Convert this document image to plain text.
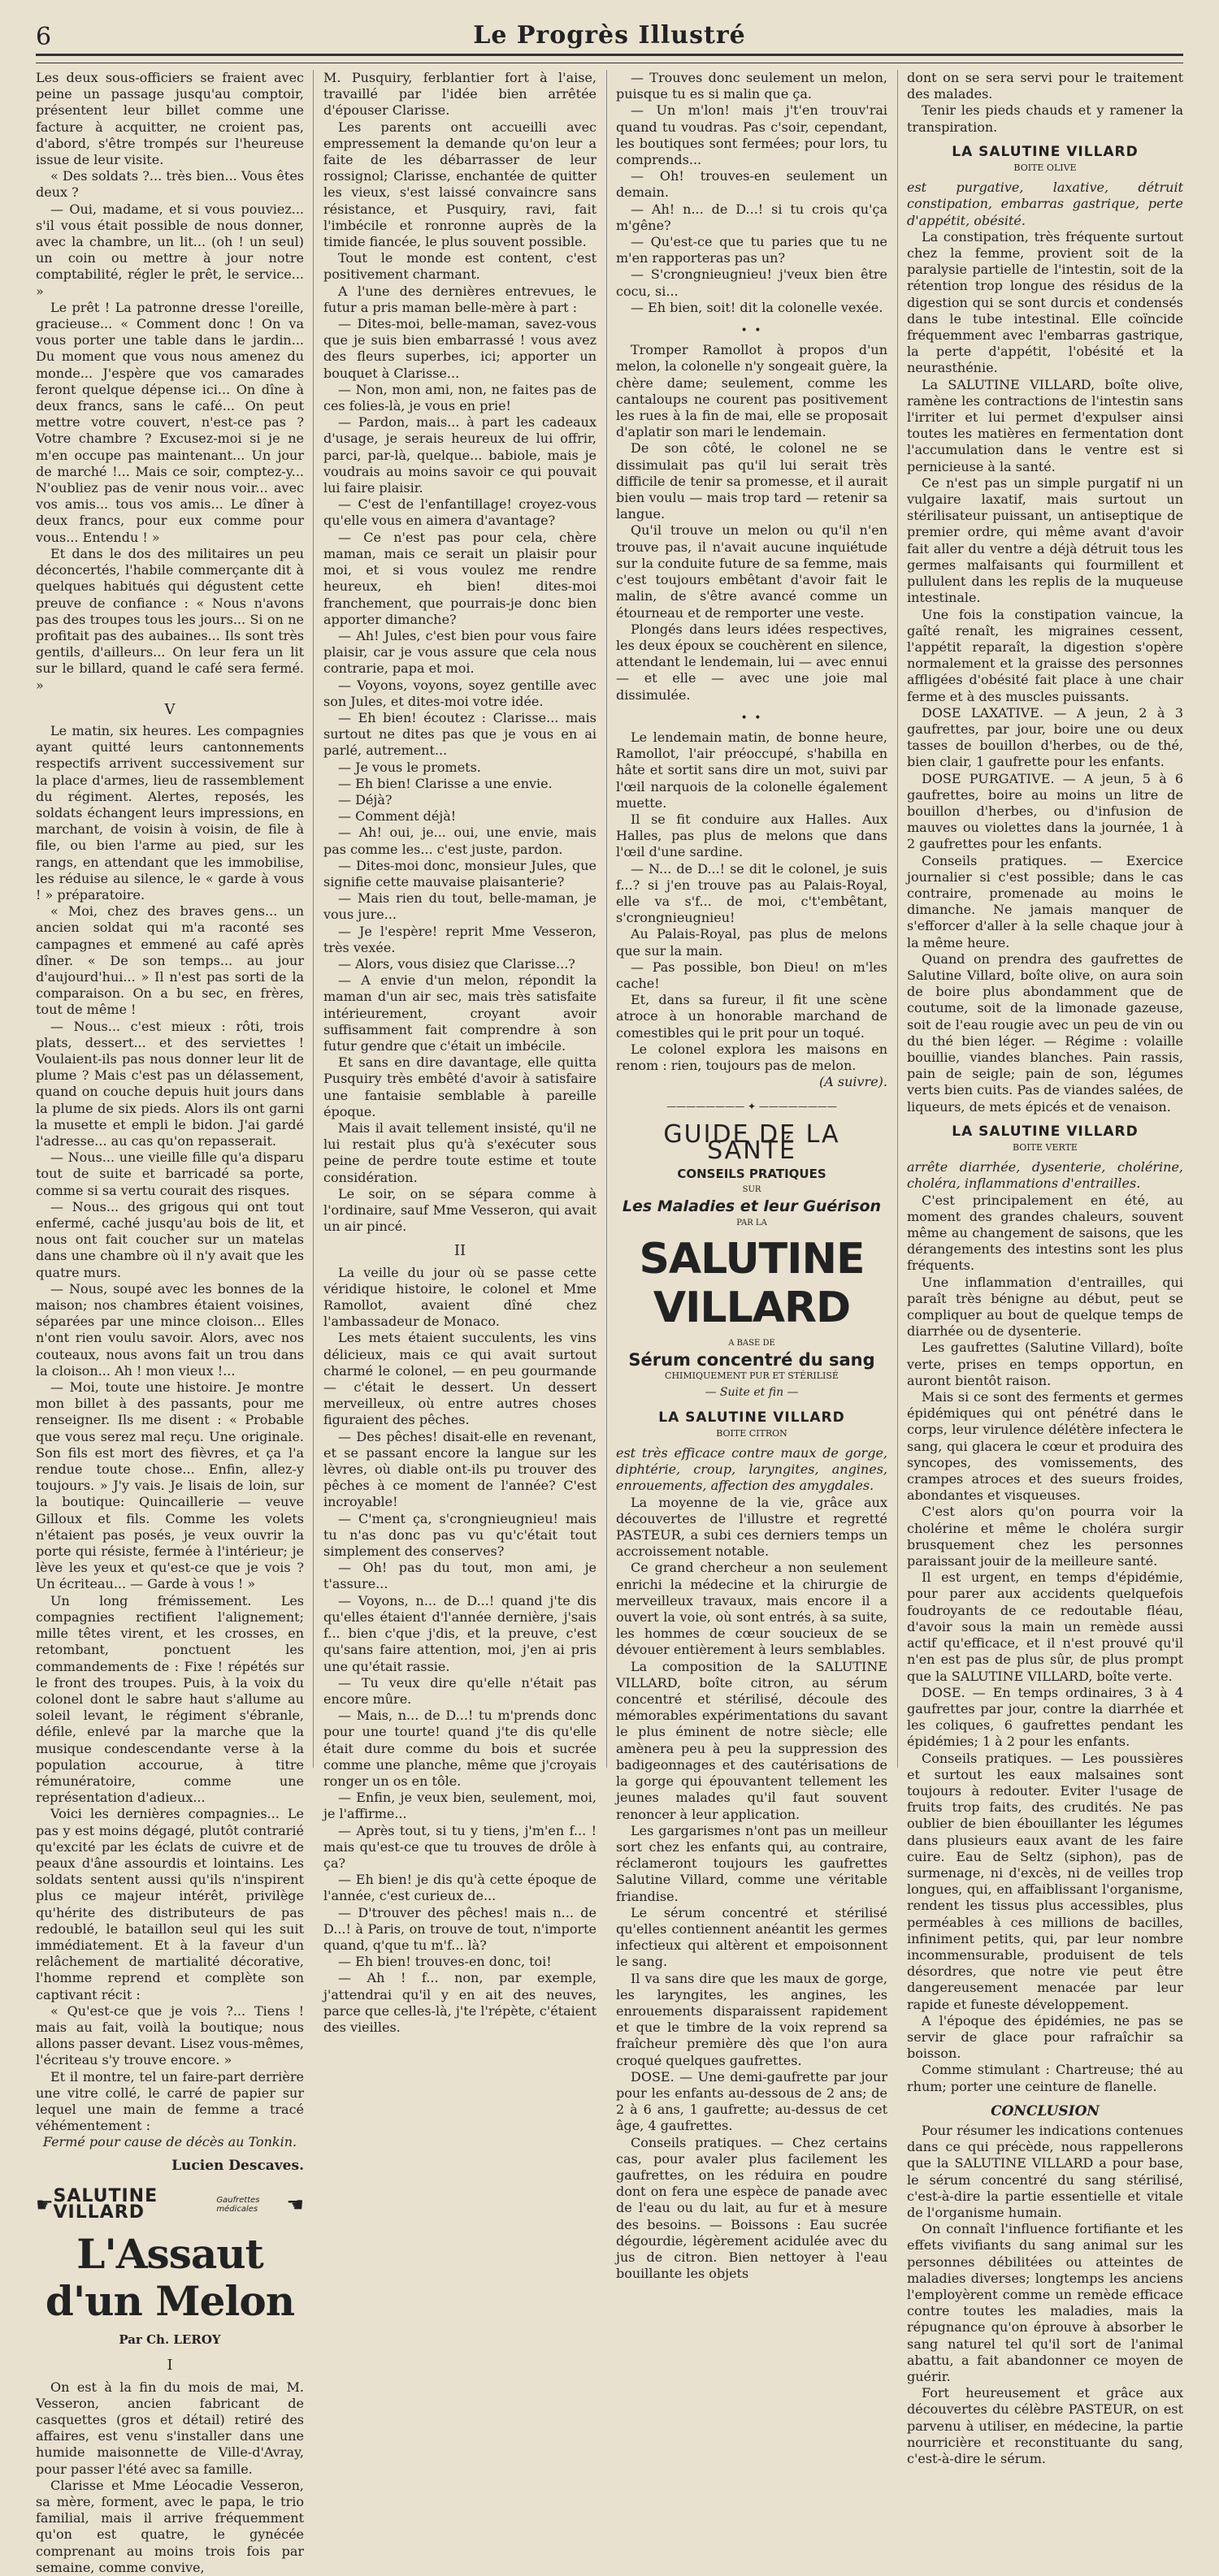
6	Le Progrès Illustré

Les deux sous-officiers se fraient avec peine un passage jusqu'au comptoir, présentent leur billet comme une facture à acquitter, ne croient pas, d'abord, s'être trompés sur l'heureuse issue de leur visite.

« Des soldats ?... très bien... Vous êtes deux ?

— Oui, madame, et si vous pouviez... s'il vous était possible de nous donner, avec la chambre, un lit... (oh ! un seul) un coin ou mettre à jour notre comptabilité, régler le prêt, le service... »

Le prêt ! La patronne dresse l'oreille, gracieuse... « Comment donc ! On va vous porter une table dans le jardin... Du moment que vous nous amenez du monde... J'espère que vos camarades feront quelque dépense ici... On dîne à deux francs, sans le café... On peut mettre votre couvert, n'est-ce pas ? Votre chambre ? Excusez-moi si je ne m'en occupe pas maintenant... Un jour de marché !... Mais ce soir, comptez-y... N'oubliez pas de venir nous voir... avec vos amis... tous vos amis... Le dîner à deux francs, pour eux comme pour vous... Entendu ! »

Et dans le dos des militaires un peu déconcertés, l'habile commerçante dit à quelques habitués qui dégustent cette preuve de confiance : « Nous n'avons pas des troupes tous les jours... Si on ne profitait pas des aubaines... Ils sont très gentils, d'ailleurs... On leur fera un lit sur le billard, quand le café sera fermé. »

V

Le matin, six heures. Les compagnies ayant quitté leurs cantonnements respectifs arrivent successivement sur la place d'armes, lieu de rassemblement du régiment. Alertes, reposés, les soldats échangent leurs impressions, en marchant, de voisin à voisin, de file à file, ou bien l'arme au pied, sur les rangs, en attendant que les immobilise, les réduise au silence, le « garde à vous ! » préparatoire.

« Moi, chez des braves gens... un ancien soldat qui m'a raconté ses campagnes et emmené au café après dîner. « De son temps... au jour d'aujourd'hui... » Il n'est pas sorti de la comparaison. On a bu sec, en frères, tout de même !

— Nous... c'est mieux : rôti, trois plats, dessert... et des serviettes ! Voulaient-ils pas nous donner leur lit de plume ? Mais c'est pas un délassement, quand on couche depuis huit jours dans la plume de six pieds. Alors ils ont garni la musette et empli le bidon. J'ai gardé l'adresse... au cas qu'on repasserait.

— Nous... une vieille fille qu'a disparu tout de suite et barricadé sa porte, comme si sa vertu courait des risques.

— Nous... des grigous qui ont tout enfermé, caché jusqu'au bois de lit, et nous ont fait coucher sur un matelas dans une chambre où il n'y avait que les quatre murs.

— Nous, soupé avec les bonnes de la maison; nos chambres étaient voisines, séparées par une mince cloison... Elles n'ont rien voulu savoir. Alors, avec nos couteaux, nous avons fait un trou dans la cloison... Ah ! mon vieux !...

— Moi, toute une histoire. Je montre mon billet à des passants, pour me renseigner. Ils me disent : « Probable que vous serez mal reçu. Une originale. Son fils est mort des fièvres, et ça l'a rendue toute chose... Enfin, allez-y toujours. » J'y vais. Je lisais de loin, sur la boutique: Quincaillerie — veuve Gilloux et fils. Comme les volets n'étaient pas posés, je veux ouvrir la porte qui résiste, fermée à l'intérieur; je lève les yeux et qu'est-ce que je vois ? Un écriteau... — Garde à vous ! »

Un long frémissement. Les compagnies rectifient l'alignement; mille têtes virent, et les crosses, en retombant, ponctuent les commandements de : Fixe ! répétés sur le front des troupes. Puis, à la voix du colonel dont le sabre haut s'allume au soleil levant, le régiment s'ébranle, défile, enlevé par la marche que la musique condescendante verse à la population accourue, à titre rémunératoire, comme une représentation d'adieux...

Voici les dernières compagnies... Le pas y est moins dégagé, plutôt contrarié qu'excité par les éclats de cuivre et de peaux d'âne assourdis et lointains. Les soldats sentent aussi qu'ils n'inspirent plus ce majeur intérêt, privilège qu'hérite des distributeurs de pas redoublé, le bataillon seul qui les suit immédiatement. Et à la faveur d'un relâchement de martialité décorative, l'homme reprend et complète son captivant récit :

« Qu'est-ce que je vois ?... Tiens ! mais au fait, voilà la boutique; nous allons passer devant. Lisez vous-mêmes, l'écriteau s'y trouve encore. »

Et il montre, tel un faire-part derrière une vitre collé, le carré de papier sur lequel une main de femme a tracé véhémentement :

Fermé pour cause de décès au Tonkin.

Lucien Descaves.
☛ SALUTINE VILLARD
Gaufrettes médicales	☚
L'Assaut d'un Melon
Par Ch. LEROY
I

On est à la fin du mois de mai, M. Vesseron, ancien fabricant de casquettes (gros et détail) retiré des affaires, est venu s'installer dans une humide maisonnette de Ville-d'Avray, pour passer l'été avec sa famille.

Clarisse et Mme Léocadie Vesseron, sa mère, forment, avec le papa, le trio familial, mais il arrive fréquemment qu'on est quatre, le gynécée comprenant au moins trois fois par semaine, comme convive,

M. Pusquiry, ferblantier fort à l'aise, travaillé par l'idée bien arrêtée d'épouser Clarisse.

Les parents ont accueilli avec empressement la demande qu'on leur a faite de les débarrasser de leur rossignol; Clarisse, enchantée de quitter les vieux, s'est laissé convaincre sans résistance, et Pusquiry, ravi, fait l'imbécile et ronronne auprès de la timide fiancée, le plus souvent possible.

Tout le monde est content, c'est positivement charmant.

A l'une des dernières entrevues, le futur a pris maman belle-mère à part :

— Dites-moi, belle-maman, savez-vous que je suis bien embarrassé ! vous avez des fleurs superbes, ici; apporter un bouquet à Clarisse...

— Non, mon ami, non, ne faites pas de ces folies-là, je vous en prie!

— Pardon, mais... à part les cadeaux d'usage, je serais heureux de lui offrir, parci, par-là, quelque... babiole, mais je voudrais au moins savoir ce qui pouvait lui faire plaisir.

— C'est de l'enfantillage! croyez-vous qu'elle vous en aimera d'avantage?

— Ce n'est pas pour cela, chère maman, mais ce serait un plaisir pour moi, et si vous voulez me rendre heureux, eh bien! dites-moi franchement, que pourrais-je donc bien apporter dimanche?

— Ah! Jules, c'est bien pour vous faire plaisir, car je vous assure que cela nous contrarie, papa et moi.

— Voyons, voyons, soyez gentille avec son Jules, et dites-moi votre idée.

— Eh bien! écoutez : Clarisse... mais surtout ne dites pas que je vous en ai parlé, autrement...

— Je vous le promets.

— Eh bien! Clarisse a une envie.

— Déjà?

— Comment déjà!

— Ah! oui, je... oui, une envie, mais pas comme les... c'est juste, pardon.

— Dites-moi donc, monsieur Jules, que signifie cette mauvaise plaisanterie?

— Mais rien du tout, belle-maman, je vous jure...

— Je l'espère! reprit Mme Vesseron, très vexée.

— Alors, vous disiez que Clarisse...?

— A envie d'un melon, répondit la maman d'un air sec, mais très satisfaite intérieurement, croyant avoir suffisamment fait comprendre à son futur gendre que c'était un imbécile.

Et sans en dire davantage, elle quitta Pusquiry très embêté d'avoir à satisfaire une fantaisie semblable à pareille époque.

Mais il avait tellement insisté, qu'il ne lui restait plus qu'à s'exécuter sous peine de perdre toute estime et toute considération.

Le soir, on se sépara comme à l'ordinaire, sauf Mme Vesseron, qui avait un air pincé.

II

La veille du jour où se passe cette véridique histoire, le colonel et Mme Ramollot, avaient dîné chez l'ambassadeur de Monaco.

Les mets étaient succulents, les vins délicieux, mais ce qui avait surtout charmé le colonel, — en peu gourmande — c'était le dessert. Un dessert merveilleux, où entre autres choses figuraient des pêches.

— Des pêches! disait-elle en revenant, et se passant encore la langue sur les lèvres, où diable ont-ils pu trouver des pêches à ce moment de l'année? C'est incroyable!

— C'ment ça, s'crongnieugnieu! mais tu n'as donc pas vu qu'c'était tout simplement des conserves?

— Oh! pas du tout, mon ami, je t'assure...

— Voyons, n... de D...! quand j'te dis qu'elles étaient d'l'année dernière, j'sais f... bien c'que j'dis, et la preuve, c'est qu'sans faire attention, moi, j'en ai pris une qu'était rassie.

— Tu veux dire qu'elle n'était pas encore mûre.

— Mais, n... de D...! tu m'prends donc pour une tourte! quand j'te dis qu'elle était dure comme du bois et sucrée comme une planche, même que j'croyais ronger un os en tôle.

— Enfin, je veux bien, seulement, moi, je l'affirme...

— Après tout, si tu y tiens, j'm'en f... ! mais qu'est-ce que tu trouves de drôle à ça?

— Eh bien! je dis qu'à cette époque de l'année, c'est curieux de...

— D'trouver des pêches! mais n... de D...! à Paris, on trouve de tout, n'importe quand, q'que tu m'f... là?

— Eh bien! trouves-en donc, toi!

— Ah ! f... non, par exemple, j'attendrai qu'il y en ait des neuves, parce que celles-là, j'te l'répète, c'étaient des vieilles.

— Trouves donc seulement un melon, puisque tu es si malin que ça.

— Un m'lon! mais j't'en trouv'rai quand tu voudras. Pas c'soir, cependant, les boutiques sont fermées; pour lors, tu comprends...

— Oh! trouves-en seulement un demain.

— Ah! n... de D...! si tu crois qu'ça m'gêne?

— Qu'est-ce que tu paries que tu ne m'en rapporteras pas un?

— S'crongnieugnieu! j'veux bien être cocu, si...

— Eh bien, soit! dit la colonelle vexée.

• •

Tromper Ramollot à propos d'un melon, la colonelle n'y songeait guère, la chère dame; seulement, comme les cantaloups ne courent pas positivement les rues à la fin de mai, elle se proposait d'aplatir son mari le lendemain.

De son côté, le colonel ne se dissimulait pas qu'il lui serait très difficile de tenir sa promesse, et il aurait bien voulu — mais trop tard — retenir sa langue.

Qu'il trouve un melon ou qu'il n'en trouve pas, il n'avait aucune inquiétude sur la conduite future de sa femme, mais c'est toujours embêtant d'avoir fait le malin, de s'être avancé comme un étourneau et de remporter une veste.

Plongés dans leurs idées respectives, les deux époux se couchèrent en silence, attendant le lendemain, lui — avec ennui — et elle — avec une joie mal dissimulée.

• •

Le lendemain matin, de bonne heure, Ramollot, l'air préoccupé, s'habilla en hâte et sortit sans dire un mot, suivi par l'œil narquois de la colonelle également muette.

Il se fit conduire aux Halles. Aux Halles, pas plus de melons que dans l'œil d'une sardine.

— N... de D...! se dit le colonel, je suis f...? si j'en trouve pas au Palais-Royal, elle va s'f... de moi, c't'embêtant, s'crongnieugnieu!

Au Palais-Royal, pas plus de melons que sur la main.

— Pas possible, bon Dieu! on m'les cache!

Et, dans sa fureur, il fit une scène atroce à un honorable marchand de comestibles qui le prit pour un toqué.

Le colonel explora les maisons en renom : rien, toujours pas de melon.

(A suivre).

———————— ✦ ————————
GUIDE DE LA SANTÉ
CONSEILS PRATIQUES
SUR
Les Maladies et leur Guérison
PAR LA
SALUTINE VILLARD
A BASE DE
Sérum concentré du sang
CHIMIQUEMENT PUR ET STÉRILISÉ
— Suite et fin —
LA SALUTINE VILLARD
BOITE CITRON

est très efficace contre maux de gorge, diphtérie, croup, laryngites, angines, enrouements, affection des amygdales.

La moyenne de la vie, grâce aux découvertes de l'illustre et regretté PASTEUR, a subi ces derniers temps un accroissement notable.

Ce grand chercheur a non seulement enrichi la médecine et la chirurgie de merveilleux travaux, mais encore il a ouvert la voie, où sont entrés, à sa suite, les hommes de cœur soucieux de se dévouer entièrement à leurs semblables.

La composition de la SALUTINE VILLARD, boîte citron, au sérum concentré et stérilisé, découle des mémorables expérimentations du savant le plus éminent de notre siècle; elle amènera peu à peu la suppression des badigeonnages et des cautérisations de la gorge qui épouvantent tellement les jeunes malades qu'il faut souvent renoncer à leur application.

Les gargarismes n'ont pas un meilleur sort chez les enfants qui, au contraire, réclameront toujours les gaufrettes Salutine Villard, comme une véritable friandise.

Le sérum concentré et stérilisé qu'elles contiennent anéantit les germes infectieux qui altèrent et empoisonnent le sang.

Il va sans dire que les maux de gorge, les laryngites, les angines, les enrouements disparaissent rapidement et que le timbre de la voix reprend sa fraîcheur première dès que l'on aura croqué quelques gaufrettes.

DOSE. — Une demi-gaufrette par jour pour les enfants au-dessous de 2 ans; de 2 à 6 ans, 1 gaufrette; au-dessus de cet âge, 4 gaufrettes.

Conseils pratiques. — Chez certains cas, pour avaler plus facilement les gaufrettes, on les réduira en poudre dont on fera une espèce de panade avec de l'eau ou du lait, au fur et à mesure des besoins. — Boissons : Eau sucrée dégourdie, légèrement acidulée avec du jus de citron. Bien nettoyer à l'eau bouillante les objets

dont on se sera servi pour le traitement des malades.

Tenir les pieds chauds et y ramener la transpiration.

LA SALUTINE VILLARD
BOITE OLIVE

est purgative, laxative, détruit constipation, embarras gastrique, perte d'appétit, obésité.

La constipation, très fréquente surtout chez la femme, provient soit de la paralysie partielle de l'intestin, soit de la rétention trop longue des résidus de la digestion qui se sont durcis et condensés dans le tube intestinal. Elle coïncide fréquemment avec l'embarras gastrique, la perte d'appétit, l'obésité et la neurasthénie.

La SALUTINE VILLARD, boîte olive, ramène les contractions de l'intestin sans l'irriter et lui permet d'expulser ainsi toutes les matières en fermentation dont l'accumulation dans le ventre est si pernicieuse à la santé.

Ce n'est pas un simple purgatif ni un vulgaire laxatif, mais surtout un stérilisateur puissant, un antiseptique de premier ordre, qui même avant d'avoir fait aller du ventre a déjà détruit tous les germes malfaisants qui fourmillent et pullulent dans les replis de la muqueuse intestinale.

Une fois la constipation vaincue, la gaîté renaît, les migraines cessent, l'appétit reparaît, la digestion s'opère normalement et la graisse des personnes affligées d'obésité fait place à une chair ferme et à des muscles puissants.

DOSE LAXATIVE. — A jeun, 2 à 3 gaufrettes, par jour, boire une ou deux tasses de bouillon d'herbes, ou de thé, bien clair, 1 gaufrette pour les enfants.

DOSE PURGATIVE. — A jeun, 5 à 6 gaufrettes, boire au moins un litre de bouillon d'herbes, ou d'infusion de mauves ou violettes dans la journée, 1 à 2 gaufrettes pour les enfants.

Conseils pratiques. — Exercice journalier si c'est possible; dans le cas contraire, promenade au moins le dimanche. Ne jamais manquer de s'efforcer d'aller à la selle chaque jour à la même heure.

Quand on prendra des gaufrettes de Salutine Villard, boîte olive, on aura soin de boire plus abondamment que de coutume, soit de la limonade gazeuse, soit de l'eau rougie avec un peu de vin ou du thé bien léger. — Régime : volaille bouillie, viandes blanches. Pain rassis, pain de seigle; pain de son, légumes verts bien cuits. Pas de viandes salées, de liqueurs, de mets épicés et de venaison.

LA SALUTINE VILLARD
BOITE VERTE

arrête diarrhée, dysenterie, cholérine, choléra, inflammations d'entrailles.

C'est principalement en été, au moment des grandes chaleurs, souvent même au changement de saisons, que les dérangements des intestins sont les plus fréquents.

Une inflammation d'entrailles, qui paraît très bénigne au début, peut se compliquer au bout de quelque temps de diarrhée ou de dysenterie.

Les gaufrettes (Salutine Villard), boîte verte, prises en temps opportun, en auront bientôt raison.

Mais si ce sont des ferments et germes épidémiques qui ont pénétré dans le corps, leur virulence délétère infectera le sang, qui glacera le cœur et produira des syncopes, des vomissements, des crampes atroces et des sueurs froides, abondantes et visqueuses.

C'est alors qu'on pourra voir la cholérine et même le choléra surgir brusquement chez les personnes paraissant jouir de la meilleure santé.

Il est urgent, en temps d'épidémie, pour parer aux accidents quelquefois foudroyants de ce redoutable fléau, d'avoir sous la main un remède aussi actif qu'efficace, et il n'est prouvé qu'il n'en est pas de plus sûr, de plus prompt que la SALUTINE VILLARD, boîte verte.

DOSE. — En temps ordinaires, 3 à 4 gaufrettes par jour, contre la diarrhée et les coliques, 6 gaufrettes pendant les épidémies; 1 à 2 pour les enfants.

Conseils pratiques. — Les poussières et surtout les eaux malsaines sont toujours à redouter. Eviter l'usage de fruits trop faits, des crudités. Ne pas oublier de bien ébouillanter les légumes dans plusieurs eaux avant de les faire cuire. Eau de Seltz (siphon), pas de surmenage, ni d'excès, ni de veilles trop longues, qui, en affaiblissant l'organisme, rendent les tissus plus accessibles, plus perméables à ces millions de bacilles, infiniment petits, qui, par leur nombre incommensurable, produisent de tels désordres, que notre vie peut être dangereusement menacée par leur rapide et funeste développement.

A l'époque des épidémies, ne pas se servir de glace pour rafraîchir sa boisson.

Comme stimulant : Chartreuse; thé au rhum; porter une ceinture de flanelle.

CONCLUSION

Pour résumer les indications contenues dans ce qui précède, nous rappellerons que la SALUTINE VILLARD a pour base, le sérum concentré du sang stérilisé, c'est-à-dire la partie essentielle et vitale de l'organisme humain.

On connaît l'influence fortifiante et les effets vivifiants du sang animal sur les personnes débilitées ou atteintes de maladies diverses; longtemps les anciens l'employèrent comme un remède efficace contre toutes les maladies, mais la répugnance qu'on éprouve à absorber le sang naturel tel qu'il sort de l'animal abattu, a fait abandonner ce moyen de guérir.

Fort heureusement et grâce aux découvertes du célèbre PASTEUR, on est parvenu à utiliser, en médecine, la partie nourricière et reconstituante du sang, c'est-à-dire le sérum.
